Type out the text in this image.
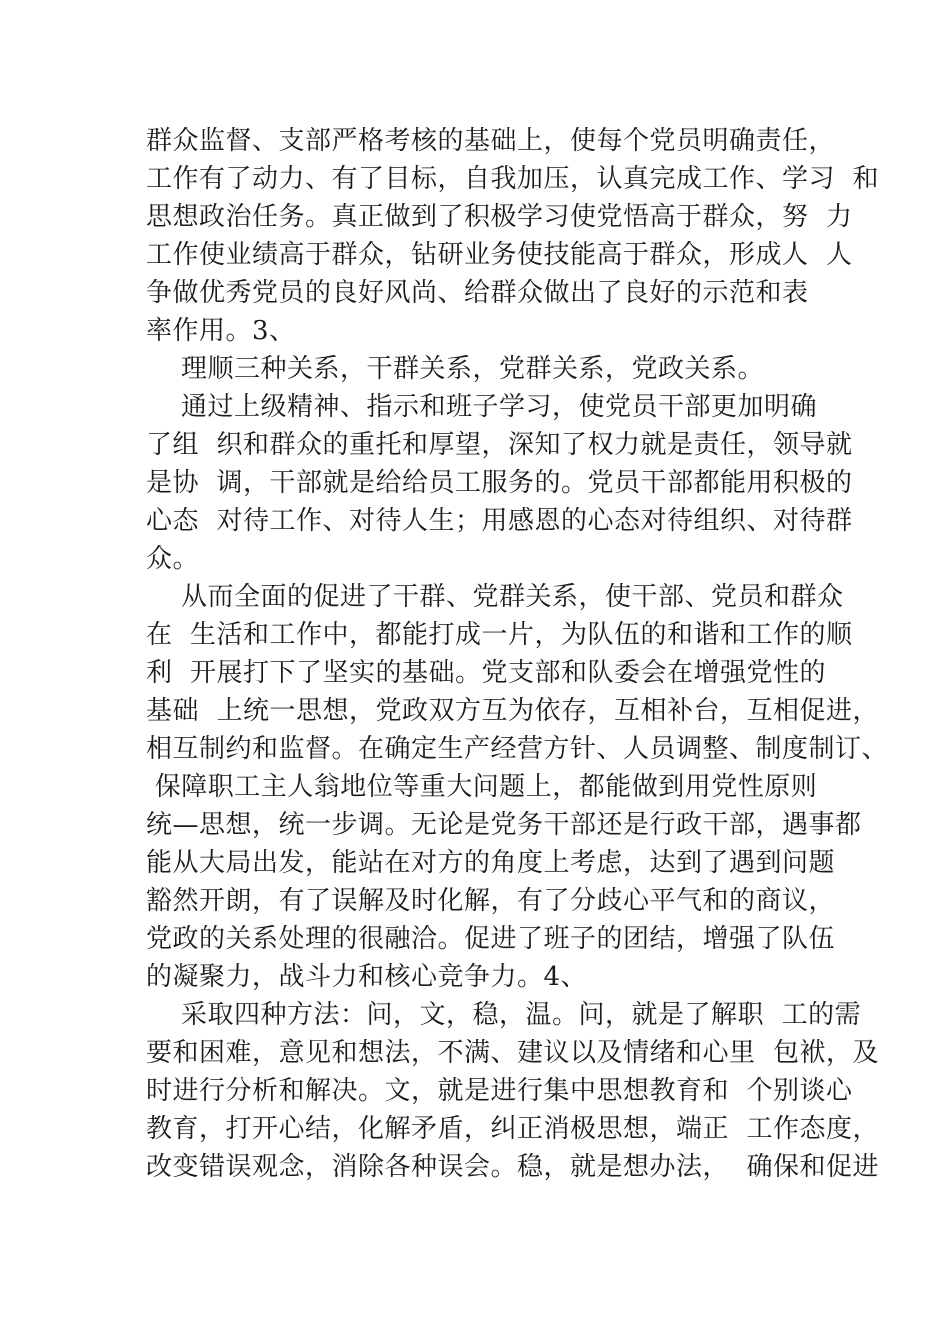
群众监督、支部严格考核的基础上，使每个党员明确责任，
工作有了动力、有了目标，自我加压，认真完成工作、学习  和
思想政治任务。真正做到了积极学习使党悟高于群众，努  力
工作使业绩高于群众，钻研业务使技能高于群众，形成人  人
争做优秀党员的良好风尚、给群众做出了良好的示范和表
率作用。3、
理顺三种关系，干群关系，党群关系，党政关系。
通过上级精神、指示和班子学习，使党员干部更加明确
了组  织和群众的重托和厚望，深知了权力就是责任，领导就
是协  调，干部就是给给员工服务的。党员干部都能用积极的
心态  对待工作、对待人生；用感恩的心态对待组织、对待群
众。
从而全面的促进了干群、党群关系，使干部、党员和群众
在  生活和工作中，都能打成一片，为队伍的和谐和工作的顺
利  开展打下了坚实的基础。党支部和队委会在增强党性的
基础  上统一思想，党政双方互为依存，互相补台，互相促进，
相互制约和监督。在确定生产经营方针、人员调整、制度制订、
保障职工主人翁地位等重大问题上，都能做到用党性原则
统—思想，统一步调。无论是党务干部还是行政干部，遇事都
能从大局出发，能站在对方的角度上考虑，达到了遇到问题
豁然开朗，有了误解及时化解，有了分歧心平气和的商议，
党政的关系处理的很融洽。促进了班子的团结，增强了队伍
的凝聚力，战斗力和核心竞争力。4、
采取四种方法：问，文，稳，温。问，就是了解职  工的需
要和困难，意见和想法，不满、建议以及情绪和心里  包袱，及
时进行分析和解决。文，就是进行集中思想教育和  个别谈心
教育，打开心结，化解矛盾，纠正消极思想，端正  工作态度，
改变错误观念，消除各种误会。稳，就是想办法，  确保和促进
